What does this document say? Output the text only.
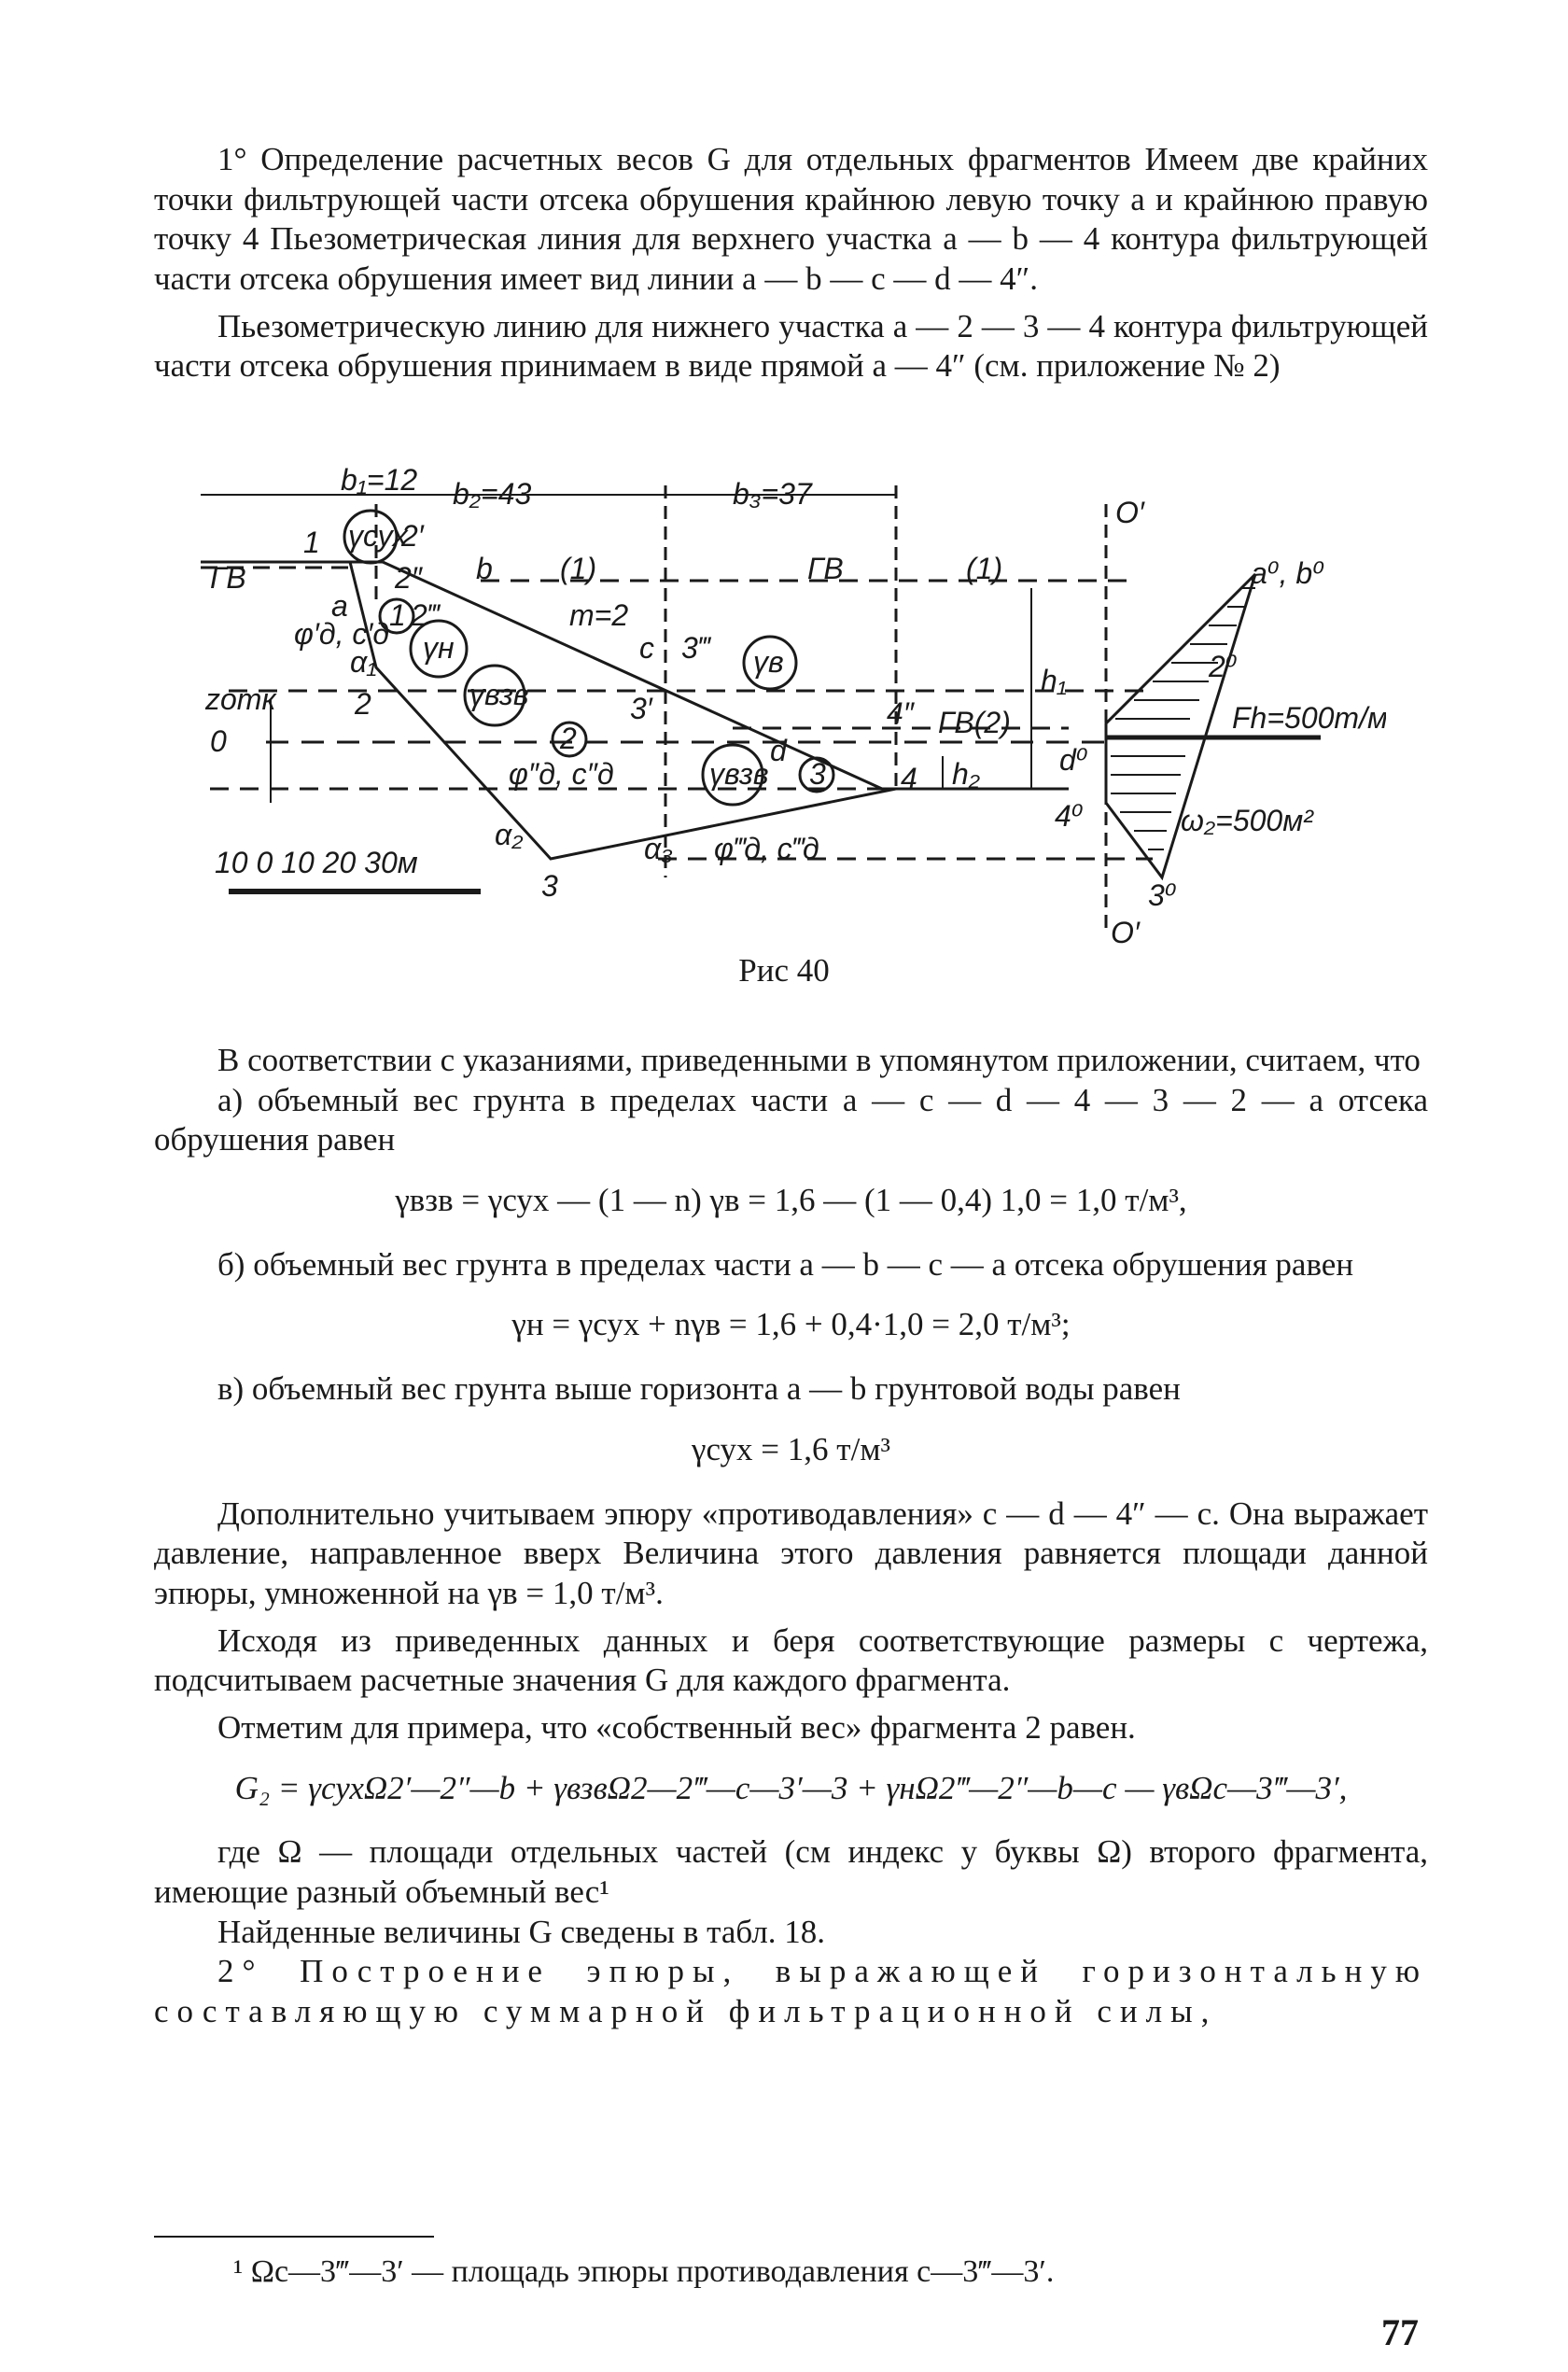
1° Определение расчетных весов G для отдельных фрагментов Имеем две крайних точки фильтрующей части отсека обрушения крайнюю левую точку a и крайнюю правую точку 4 Пьезометрическая линия для верхнего участка a — b — 4 контура фильтрующей части отсека обрушения имеет вид линии a — b — c — d — 4″.

Пьезометрическую линию для нижнего участка a — 2 — 3 — 4 контура фильтрующей части отсека обрушения принимаем в виде прямой a — 4″ (см. приложение № 2)

b₁=12 b₂=43	b₃=37
γсух
1	2′
2″ b
ГВ	(1)	ГВ	(1)
a
φ′д, c′д
α₁
1 2‴
γн
m=2
c 3‴ γв
γвзв
zотк	2
2
3′
0
φ″д, c″д	γвзв
d
3
4″ ГВ(2)
4 h₂
h₁
α₂	α₃ φ‴д, c‴д
3
10 0 10 20 30м
O′
O′
a⁰, b⁰
2⁰
Fh=500т/м
d⁰
4⁰	ω₂=500м²
3⁰
Рис 40

В соответствии с указаниями, приведенными в упомянутом приложении, считаем, что

а) объемный вес грунта в пределах части a — c — d — 4 — 3 — 2 — a отсека обрушения равен

γвзв = γсух — (1 — n) γв = 1,6 — (1 — 0,4) 1,0 = 1,0 т/м³,

б) объемный вес грунта в пределах части a — b — c — a отсека обрушения равен

γн = γсух + nγв = 1,6 + 0,4·1,0 = 2,0 т/м³;

в) объемный вес грунта выше горизонта a — b грунтовой воды равен

γсух = 1,6 т/м³

Дополнительно учитываем эпюру «противодавления» c — d — 4″ — c. Она выражает давление, направленное вверх Величина этого давления равняется площади данной эпюры, умноженной на γв = 1,0 т/м³.

Исходя из приведенных данных и беря соответствующие размеры с чертежа, подсчитываем расчетные значения G для каждого фрагмента.

Отметим для примера, что «собственный вес» фрагмента 2 равен.

G₂ = γсухΩ2′—2″—b + γвзвΩ2—2‴—c—3′—3 + γнΩ2‴—2″—b—c — γвΩc—3‴—3′,

где Ω — площади отдельных частей (см индекс у буквы Ω) второго фрагмента, имеющие разный объемный вес¹

Найденные величины G сведены в табл. 18.

2° Построение эпюры, выражающей горизонтальную составляющую суммарной фильтрационной силы,

¹ Ωc—3‴—3′ — площадь эпюры противодавления c—3‴—3′.
77
